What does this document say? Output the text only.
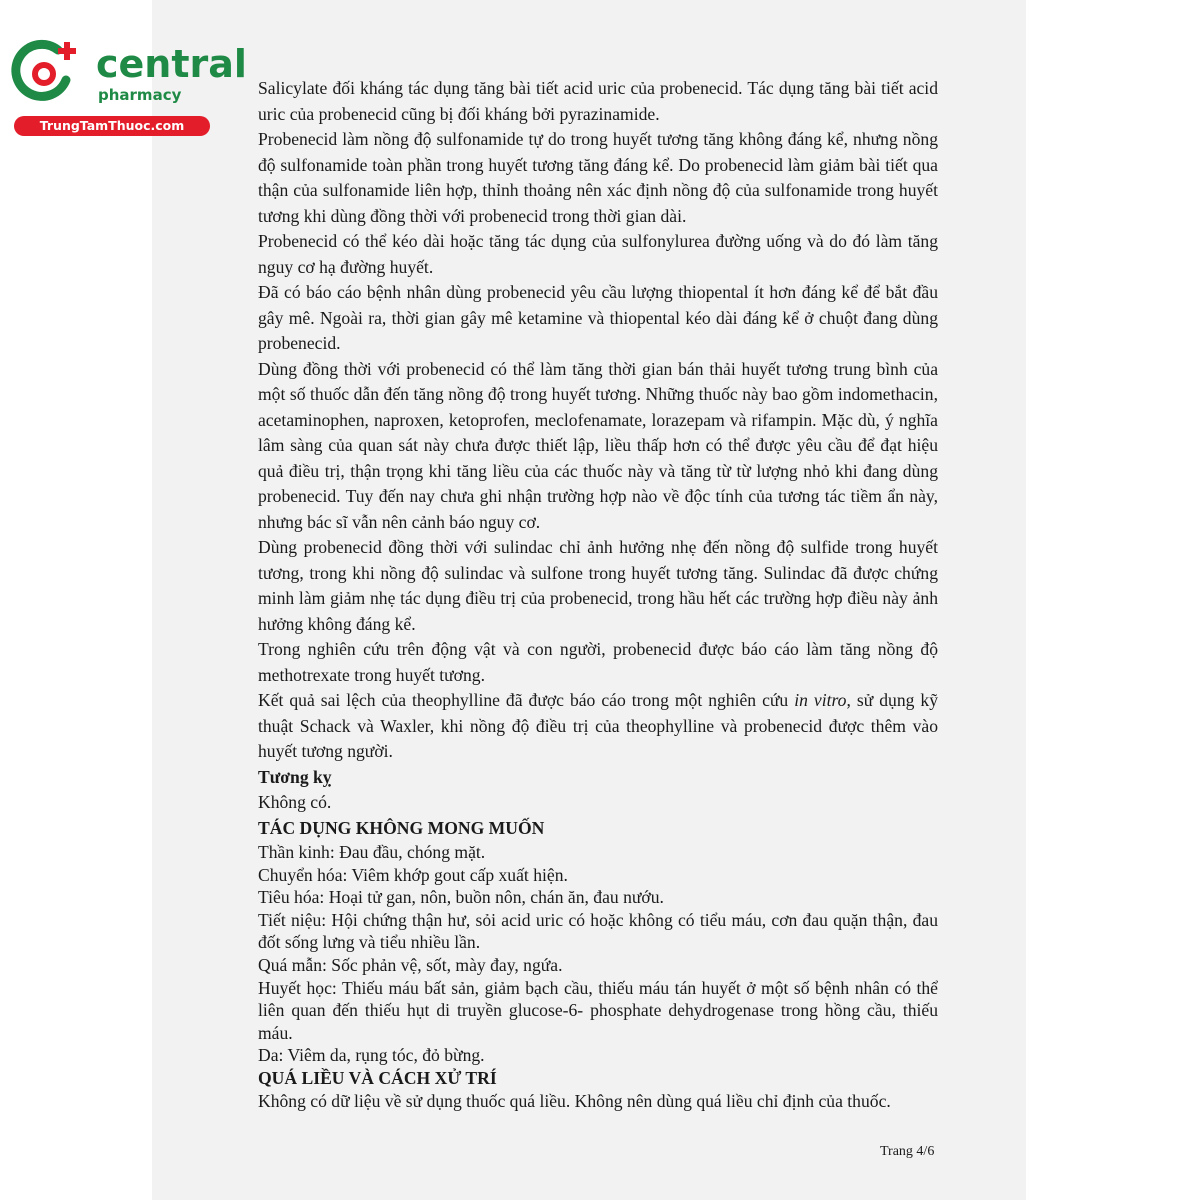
central
pharmacy
TrungTamThuoc.com

Salicylate đối kháng tác dụng tăng bài tiết acid uric của probenecid. Tác dụng tăng bài tiết acid uric của probenecid cũng bị đối kháng bởi pyrazinamide.

Probenecid làm nồng độ sulfonamide tự do trong huyết tương tăng không đáng kể, nhưng nồng độ sulfonamide toàn phần trong huyết tương tăng đáng kể. Do probenecid làm giảm bài tiết qua thận của sulfonamide liên hợp, thỉnh thoảng nên xác định nồng độ của sulfonamide trong huyết tương khi dùng đồng thời với probenecid trong thời gian dài.

Probenecid có thể kéo dài hoặc tăng tác dụng của sulfonylurea đường uống và do đó làm tăng nguy cơ hạ đường huyết.

Đã có báo cáo bệnh nhân dùng probenecid yêu cầu lượng thiopental ít hơn đáng kể để bắt đầu gây mê. Ngoài ra, thời gian gây mê ketamine và thiopental kéo dài đáng kể ở chuột đang dùng probenecid.

Dùng đồng thời với probenecid có thể làm tăng thời gian bán thải huyết tương trung bình của một số thuốc dẫn đến tăng nồng độ trong huyết tương. Những thuốc này bao gồm indomethacin, acetaminophen, naproxen, ketoprofen, meclofenamate, lorazepam và rifampin. Mặc dù, ý nghĩa lâm sàng của quan sát này chưa được thiết lập, liều thấp hơn có thể được yêu cầu để đạt hiệu quả điều trị, thận trọng khi tăng liều của các thuốc này và tăng từ từ lượng nhỏ khi đang dùng probenecid. Tuy đến nay chưa ghi nhận trường hợp nào về độc tính của tương tác tiềm ẩn này, nhưng bác sĩ vẫn nên cảnh báo nguy cơ.

Dùng probenecid đồng thời với sulindac chỉ ảnh hưởng nhẹ đến nồng độ sulfide trong huyết tương, trong khi nồng độ sulindac và sulfone trong huyết tương tăng. Sulindac đã được chứng minh làm giảm nhẹ tác dụng điều trị của probenecid, trong hầu hết các trường hợp điều này ảnh hưởng không đáng kể.

Trong nghiên cứu trên động vật và con người, probenecid được báo cáo làm tăng nồng độ methotrexate trong huyết tương.

Kết quả sai lệch của theophylline đã được báo cáo trong một nghiên cứu in vitro, sử dụng kỹ thuật Schack và Waxler, khi nồng độ điều trị của theophylline và probenecid được thêm vào huyết tương người.

Tương kỵ

Không có.

TÁC DỤNG KHÔNG MONG MUỐN

Thần kinh: Đau đầu, chóng mặt.

Chuyển hóa: Viêm khớp gout cấp xuất hiện.

Tiêu hóa: Hoại tử gan, nôn, buồn nôn, chán ăn, đau nướu.

Tiết niệu: Hội chứng thận hư, sỏi acid uric có hoặc không có tiểu máu, cơn đau quặn thận, đau đốt sống lưng và tiểu nhiều lần.

Quá mẫn: Sốc phản vệ, sốt, mày đay, ngứa.

Huyết học: Thiếu máu bất sản, giảm bạch cầu, thiếu máu tán huyết ở một số bệnh nhân có thể liên quan đến thiếu hụt di truyền glucose-6- phosphate dehydrogenase trong hồng cầu, thiếu máu.

Da: Viêm da, rụng tóc, đỏ bừng.

QUÁ LIỀU VÀ CÁCH XỬ TRÍ

Không có dữ liệu về sử dụng thuốc quá liều. Không nên dùng quá liều chỉ định của thuốc.

Trang 4/6
